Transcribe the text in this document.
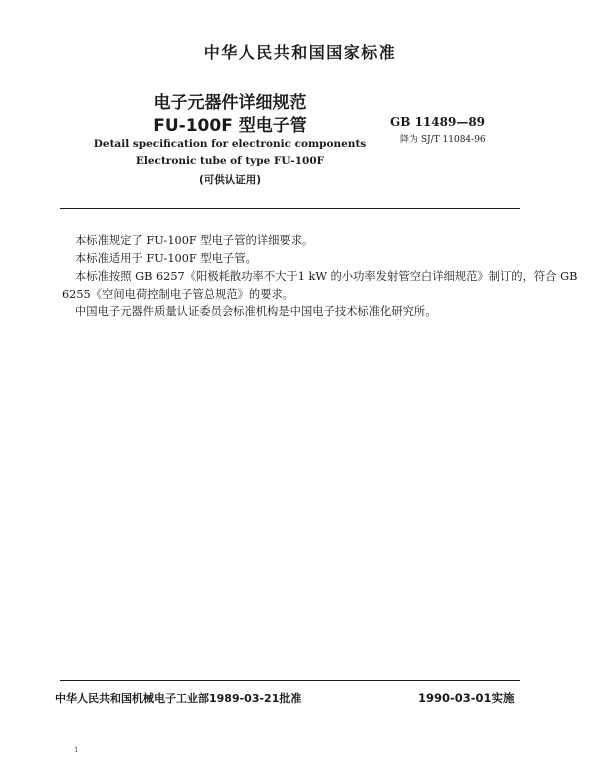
中华人民共和国国家标准
电子元器件详细规范
FU-100F 型电子管
Detail specification for electronic components
Electronic tube of type FU-100F
(可供认证用)
GB 11489—89
降为 SJ/T 11084-96
本标准规定了 FU-100F 型电子管的详细要求。
本标准适用于 FU-100F 型电子管。
本标准按照 GB 6257《阳极耗散功率不大于1 kW 的小功率发射管空白详细规范》制订的，符合 GB
6255《空间电荷控制电子管总规范》的要求。
中国电子元器件质量认证委员会标准机构是中国电子技术标准化研究所。
中华人民共和国机械电子工业部1989-03-21批准	1990-03-01实施
1
